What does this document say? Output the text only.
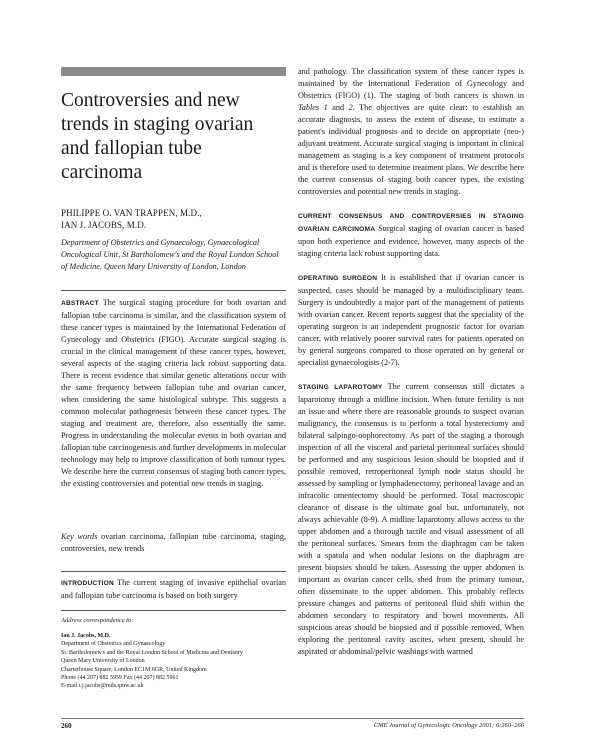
Controversies and new trends in staging ovarian and fallopian tube carcinoma
PHILIPPE O. VAN TRAPPEN, M.D.,
IAN J. JACOBS, M.D.
Department of Obstetrics and Gynaecology, Gynaecological Oncological Unit, St Bartholomew's and the Royal London School of Medicine, Queen Mary University of London, London
ABSTRACT The surgical staging procedure for both ovarian and fallopian tube carcinoma is similar, and the classification system of these cancer types is maintained by the International Federation of Gynecology and Obstetrics (FIGO). Accurate surgical staging is crucial in the clinical management of these cancer types, however, several aspects of the staging criteria lack robust supporting data. There is recent evidence that similar genetic alterations occur with the same frequency between fallopian tube and ovarian cancer, when considering the same histological subtype. This suggests a common molecular pathogenesis between these cancer types. The staging and treatment are, therefore, also essentially the same. Progress in understanding the molecular events in both ovarian and fallopian tube carcinogenesis and further developments in molecular technology may help to improve classification of both tumour types. We describe here the current consensus of staging both cancer types, the existing controversies and potential new trends in staging.
Key words ovarian carcinoma, fallopian tube carcinoma, staging, controversies, new trends
INTRODUCTION The current staging of invasive epithelial ovarian and fallopian tube carcinoma is based on both surgery
Address correspondence to:
Ian J. Jacobs, M.D.
Department of Obstetrics and Gynaecology
St. Bartholomew's and the Royal London School of Medicine and Dentistry
Queen Mary University of London
Charterhouse Square, London EC1M 6GR, United Kingdom
Phone (44 207) 882 5959 Fax (44 207) 882 5961
E-mail i.j.jacobs@mds.qmw.ac.uk

and pathology. The classification system of these cancer types is maintained by the International Federation of Gynecology and Obstetrics (FIGO) (1). The staging of both cancers is shown in Tables 1 and 2. The objectives are quite clear: to establish an accurate diagnosis, to assess the extent of disease, to estimate a patient's individual prognosis and to decide on appropriate (neo-) adjuvant treatment. Accurate surgical staging is important in clinical management as staging is a key component of treatment protocols and is therefore used to determine treatment plans. We describe here the current consensus of staging both cancer types, the existing controversies and potential new trends in staging.

CURRENT CONSENSUS AND CONTROVERSIES IN STAGING OVARIAN CARCINOMA Surgical staging of ovarian cancer is based upon both experience and evidence, however, many aspects of the staging criteria lack robust supporting data.

OPERATING SURGEON It is established that if ovarian cancer is suspected, cases should be managed by a multidisciplinary team. Surgery is undoubtedly a major part of the management of patients with ovarian cancer. Recent reports suggest that the speciality of the operating surgeon is an independent prognostic factor for ovarian cancer, with relatively poorer survival rates for patients operated on by general surgeons compared to those operated on by general or specialist gynaecologists (2-7).

STAGING LAPAROTOMY The current consensus still dictates a laparotomy through a midline incision. When future fertility is not an issue and where there are reasonable grounds to suspect ovarian malignancy, the consensus is to perform a total hysterectomy and bilateral salpingo-oophorectomy. As part of the staging a thorough inspection of all the visceral and parietal peritoneal surfaces should be performed and any suspicious lesion should be biopsied and if possible removed, retroperitoneal lymph node status should be assessed by sampling or lymphadenectomy, peritoneal lavage and an infracolic omentectomy should be performed. Total macroscopic clearance of disease is the ultimate goal but, unfortunately, not always achievable (8-9). A midline laparotomy allows access to the upper abdomen and a thorough tactile and visual assessment of all the peritoneal surfaces. Smears from the diaphragm can be taken with a spatula and when nodular lesions on the diaphragm are present biopsies should be taken. Assessing the upper abdomen is important as ovarian cancer cells, shed from the primary tumour, often disseminate to the upper abdomen. This probably reflects pressure changes and patterns of peritoneal fluid shift within the abdomen secondary to respiratory and bowel movements. All suspicious areas should be biopsied and if possible removed. When exploring the peritoneal cavity ascites, when present, should be aspirated or abdominal/pelvic washings with warmed

260	CME Journal of Gynecologic Oncology 2001; 6:260–266
